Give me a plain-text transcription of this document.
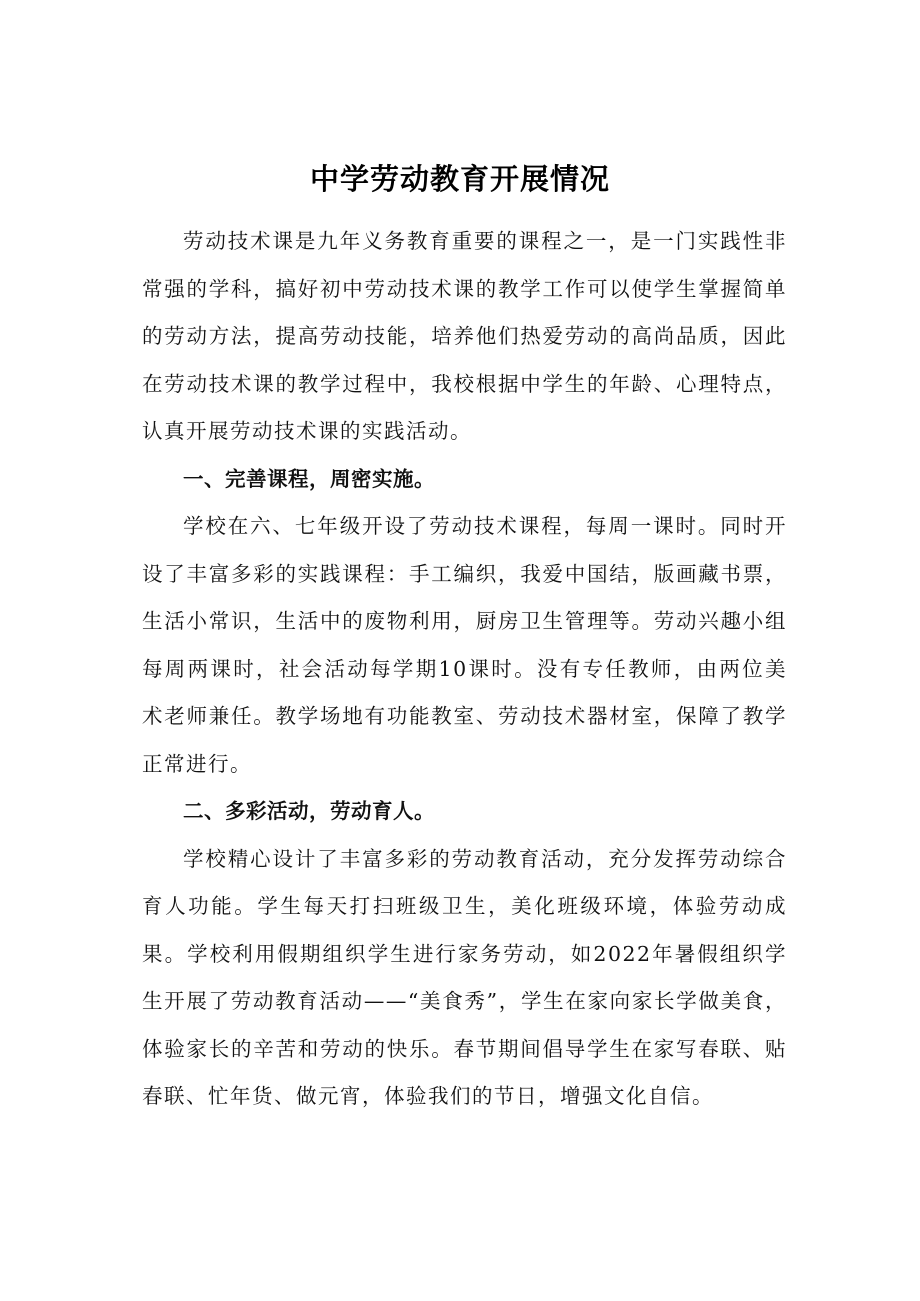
中学劳动教育开展情况

劳动技术课是九年义务教育重要的课程之一，是一门实践性非常强的学科，搞好初中劳动技术课的教学工作可以使学生掌握简单的劳动方法，提高劳动技能，培养他们热爱劳动的高尚品质，因此在劳动技术课的教学过程中，我校根据中学生的年龄、心理特点，认真开展劳动技术课的实践活动。

一、完善课程，周密实施。

学校在六、七年级开设了劳动技术课程，每周一课时。同时开设了丰富多彩的实践课程：手工编织，我爱中国结，版画藏书票，生活小常识，生活中的废物利用，厨房卫生管理等。劳动兴趣小组每周两课时，社会活动每学期10课时。没有专任教师，由两位美术老师兼任。教学场地有功能教室、劳动技术器材室，保障了教学正常进行。

二、多彩活动，劳动育人。

学校精心设计了丰富多彩的劳动教育活动，充分发挥劳动综合育人功能。学生每天打扫班级卫生，美化班级环境，体验劳动成果。学校利用假期组织学生进行家务劳动，如2022年暑假组织学生开展了劳动教育活动——“美食秀”，学生在家向家长学做美食，体验家长的辛苦和劳动的快乐。春节期间倡导学生在家写春联、贴春联、忙年货、做元宵，体验我们的节日，增强文化自信。
